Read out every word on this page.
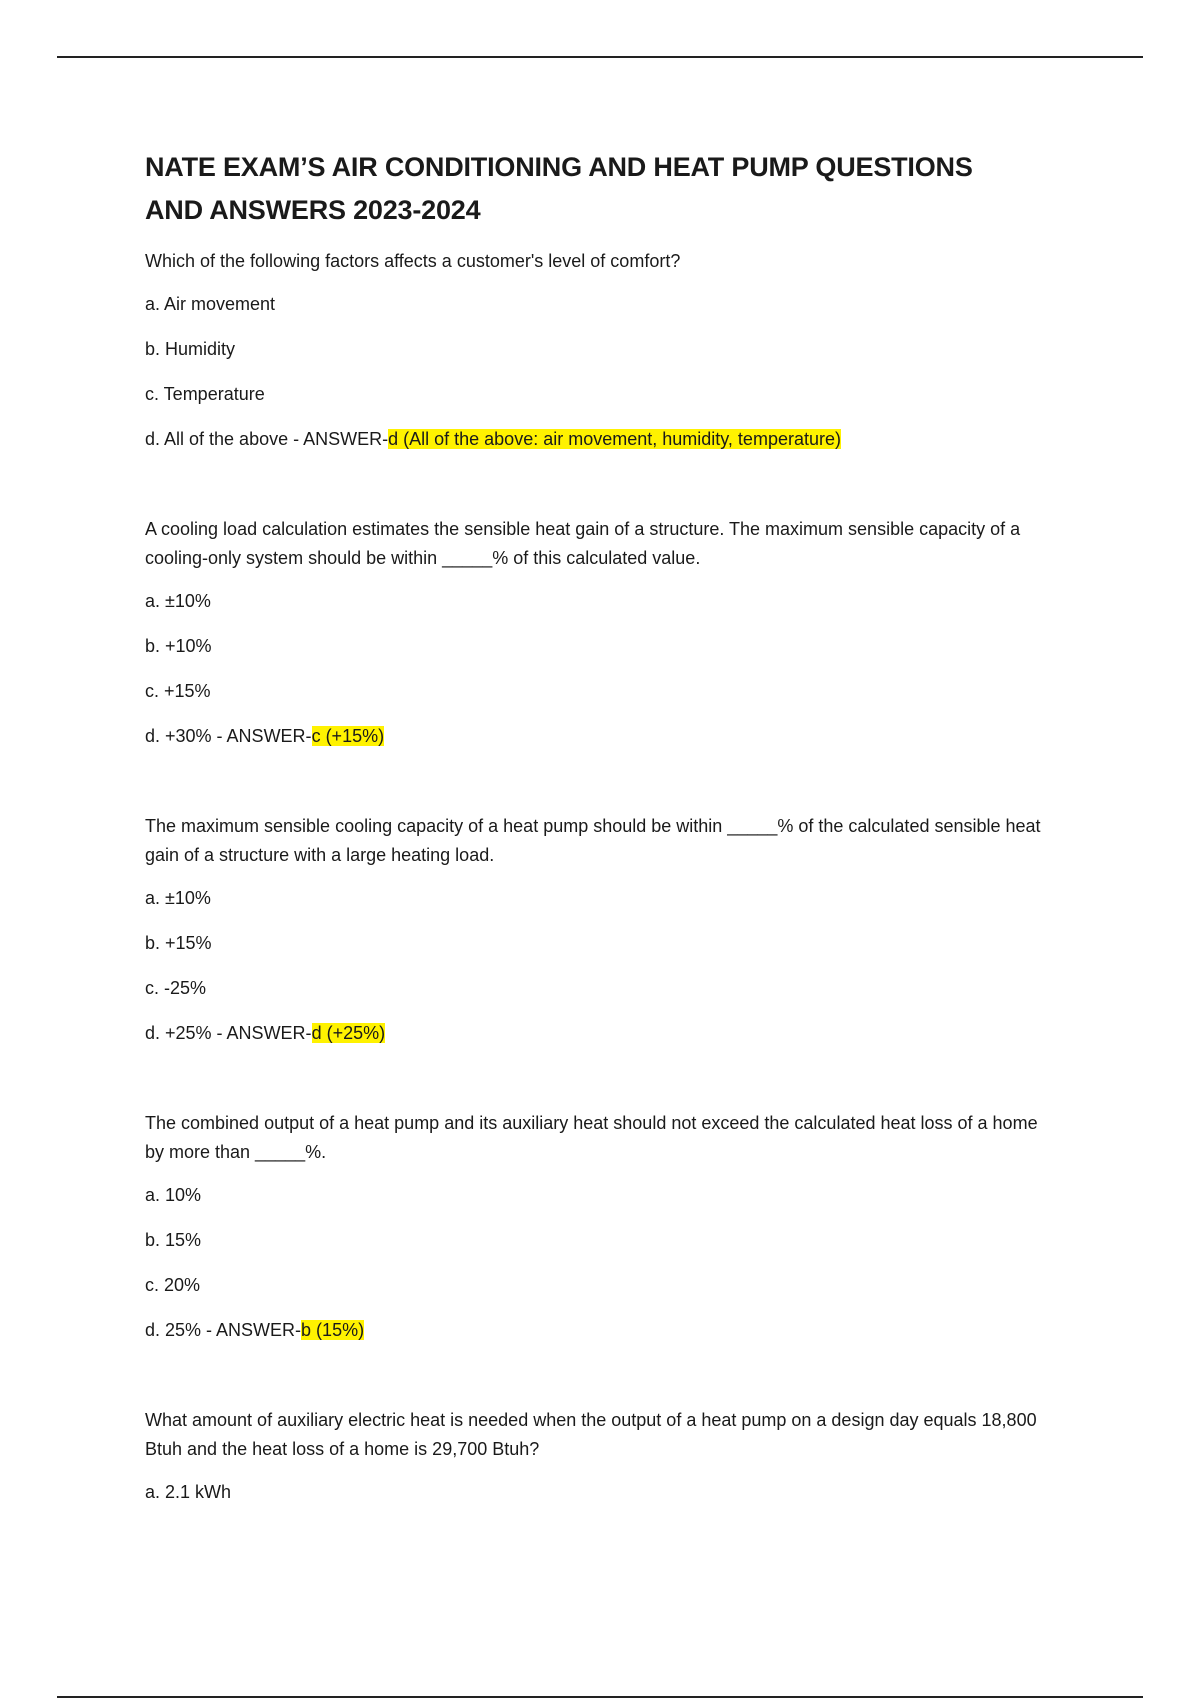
NATE EXAM’S AIR CONDITIONING AND HEAT PUMP QUESTIONS
AND ANSWERS 2023-2024

Which of the following factors affects a customer's level of comfort?

a. Air movement

b. Humidity

c. Temperature

d. All of the above - ANSWER-d (All of the above: air movement, humidity, temperature)

A cooling load calculation estimates the sensible heat gain of a structure. The maximum sensible capacity of a cooling-only system should be within _____% of this calculated value.

a. ±10%

b. +10%

c. +15%

d. +30% - ANSWER-c (+15%)

The maximum sensible cooling capacity of a heat pump should be within _____% of the calculated sensible heat gain of a structure with a large heating load.

a. ±10%

b. +15%

c. -25%

d. +25% - ANSWER-d (+25%)

The combined output of a heat pump and its auxiliary heat should not exceed the calculated heat loss of a home by more than _____%.

a. 10%

b. 15%

c. 20%

d. 25% - ANSWER-b (15%)

What amount of auxiliary electric heat is needed when the output of a heat pump on a design day equals 18,800 Btuh and the heat loss of a home is 29,700 Btuh?

a. 2.1 kWh
